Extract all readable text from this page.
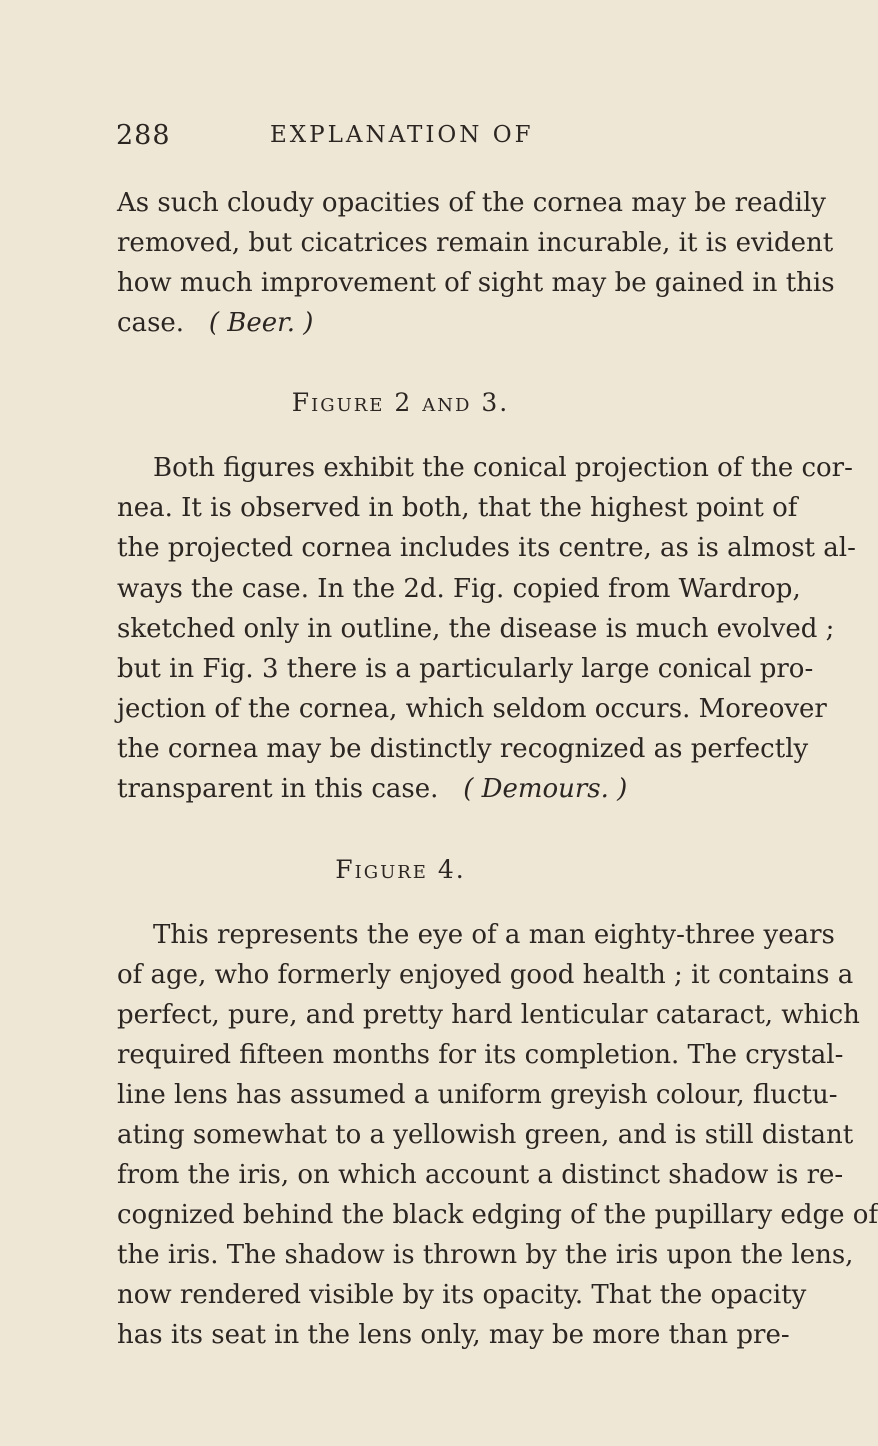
288	EXPLANATION OF
As such cloudy opacities of the cornea may be readily
removed, but cicatrices remain incurable, it is evident
how much improvement of sight may be gained in this
case. ( Beer. )
Figure 2 and 3.
Both figures exhibit the conical projection of the cor-
nea. It is observed in both, that the highest point of
the projected cornea includes its centre, as is almost al-
ways the case. In the 2d. Fig. copied from Wardrop,
sketched only in outline, the disease is much evolved ;
but in Fig. 3 there is a particularly large conical pro-
jection of the cornea, which seldom occurs. Moreover
the cornea may be distinctly recognized as perfectly
transparent in this case. ( Demours. )
Figure 4.
This represents the eye of a man eighty-three years
of age, who formerly enjoyed good health ; it contains a
perfect, pure, and pretty hard lenticular cataract, which
required fifteen months for its completion. The crystal-
line lens has assumed a uniform greyish colour, fluctu-
ating somewhat to a yellowish green, and is still distant
from the iris, on which account a distinct shadow is re-
cognized behind the black edging of the pupillary edge of
the iris. The shadow is thrown by the iris upon the lens,
now rendered visible by its opacity. That the opacity
has its seat in the lens only, may be more than pre-
